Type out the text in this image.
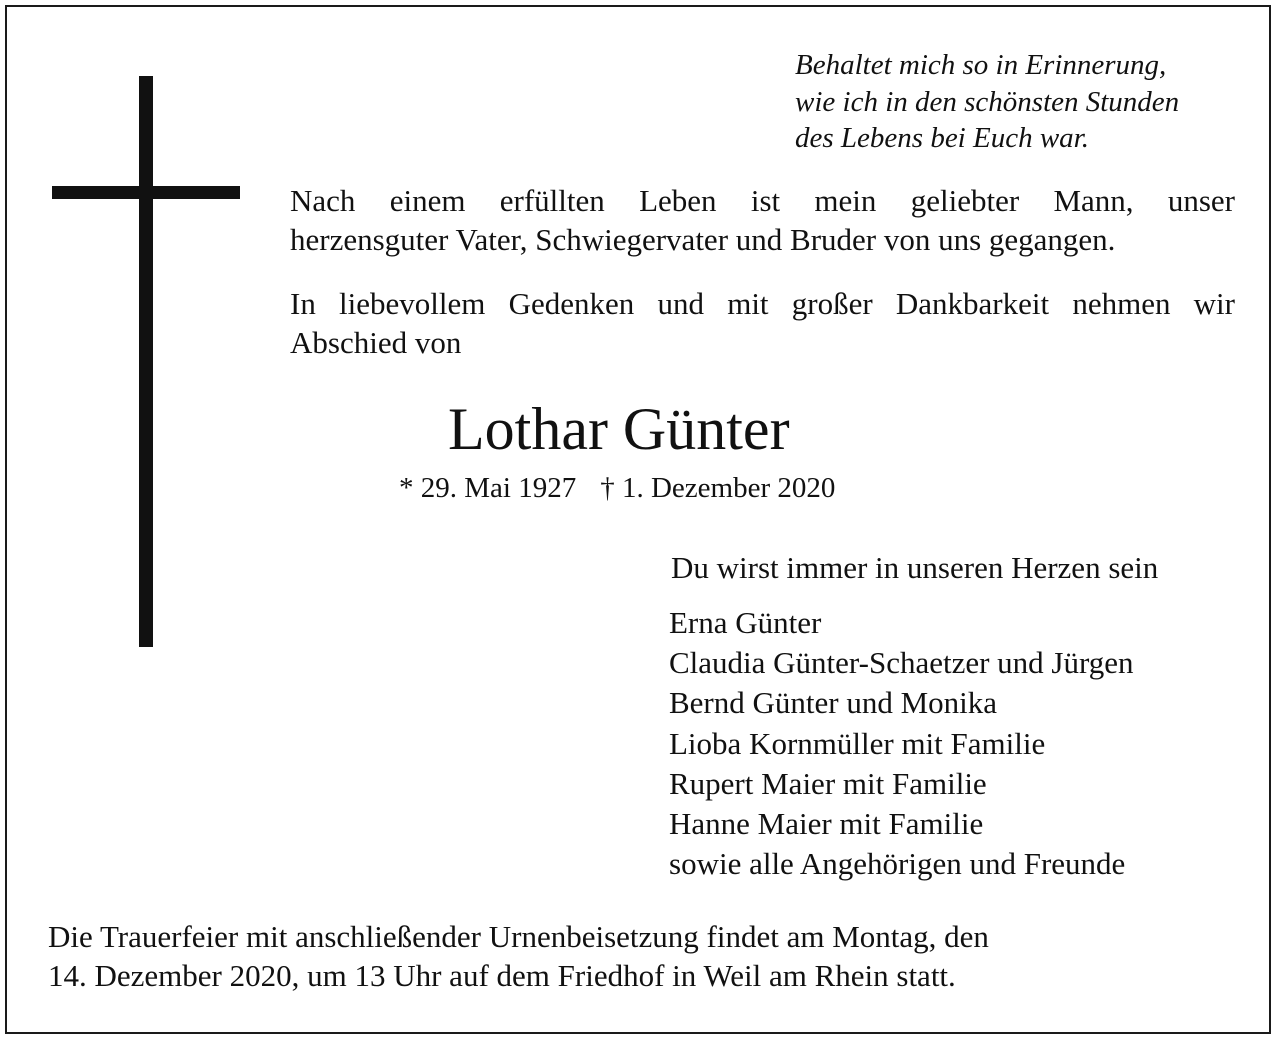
Behaltet mich so in Erinnerung,
wie ich in den schönsten Stunden
des Lebens bei Euch war.
Nach einem erfüllten Leben ist mein geliebter Mann, unser
herzensguter Vater, Schwiegervater und Bruder von uns gegangen.
In liebevollem Gedenken und mit großer Dankbarkeit nehmen wir
Abschied von
Lothar Günter
* 29. Mai 1927 † 1. Dezember 2020
Du wirst immer in unseren Herzen sein
Erna Günter
Claudia Günter-Schaetzer und Jürgen
Bernd Günter und Monika
Lioba Kornmüller mit Familie
Rupert Maier mit Familie
Hanne Maier mit Familie
sowie alle Angehörigen und Freunde
Die Trauerfeier mit anschließender Urnenbeisetzung findet am Montag, den
14. Dezember 2020, um 13 Uhr auf dem Friedhof in Weil am Rhein statt.
